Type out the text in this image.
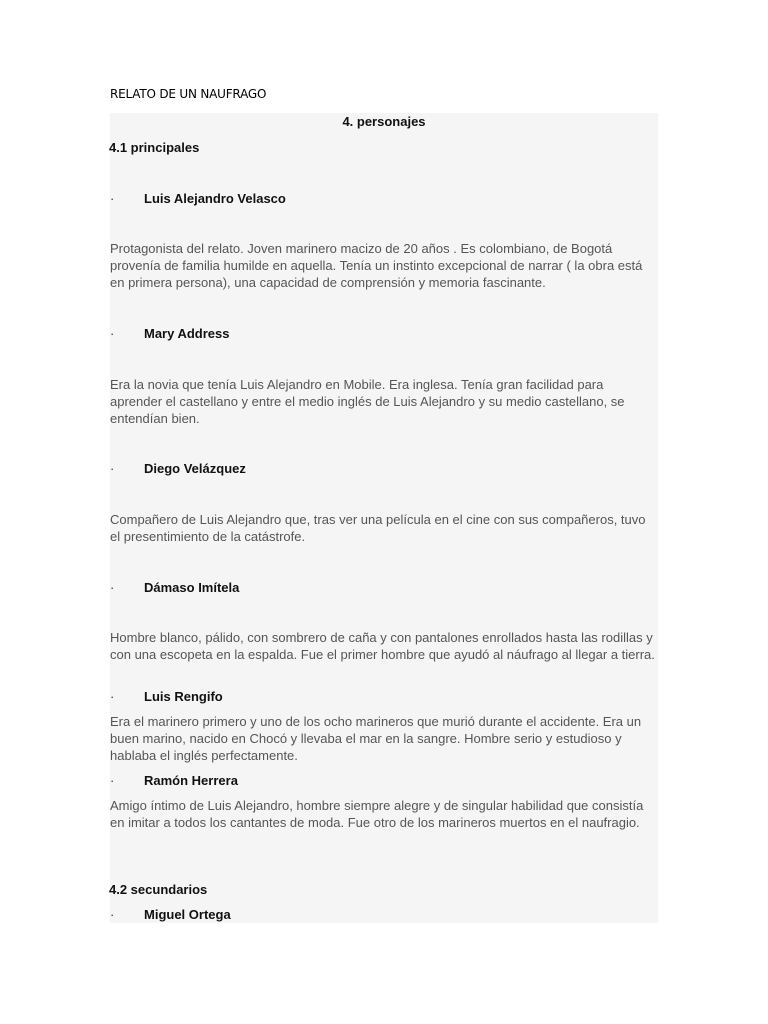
RELATO DE UN NAUFRAGO
4. personajes
4.1 principales
· Luis Alejandro Velasco
Protagonista del relato. Joven marinero macizo de 20 años . Es colombiano, de Bogotá provenía de familia humilde en aquella. Tenía un instinto excepcional de narrar ( la obra está en primera persona), una capacidad de comprensión y memoria fascinante.
· Mary Address
Era la novia que tenía Luis Alejandro en Mobile. Era inglesa. Tenía gran facilidad para aprender el castellano y entre el medio inglés de Luis Alejandro y su medio castellano, se entendían bien.
· Diego Velázquez
Compañero de Luis Alejandro que, tras ver una película en el cine con sus compañeros, tuvo el presentimiento de la catástrofe.
· Dámaso Imítela
Hombre blanco, pálido, con sombrero de caña y con pantalones enrollados hasta las rodillas y con una escopeta en la espalda. Fue el primer hombre que ayudó al náufrago al llegar a tierra.
· Luis Rengifo
Era el marinero primero y uno de los ocho marineros que murió durante el accidente. Era un buen marino, nacido en Chocó y llevaba el mar en la sangre. Hombre serio y estudioso y hablaba el inglés perfectamente.
· Ramón Herrera
Amigo íntimo de Luis Alejandro, hombre siempre alegre y de singular habilidad que consistía en imitar a todos los cantantes de moda. Fue otro de los marineros muertos en el naufragio.
4.2 secundarios
· Miguel Ortega
